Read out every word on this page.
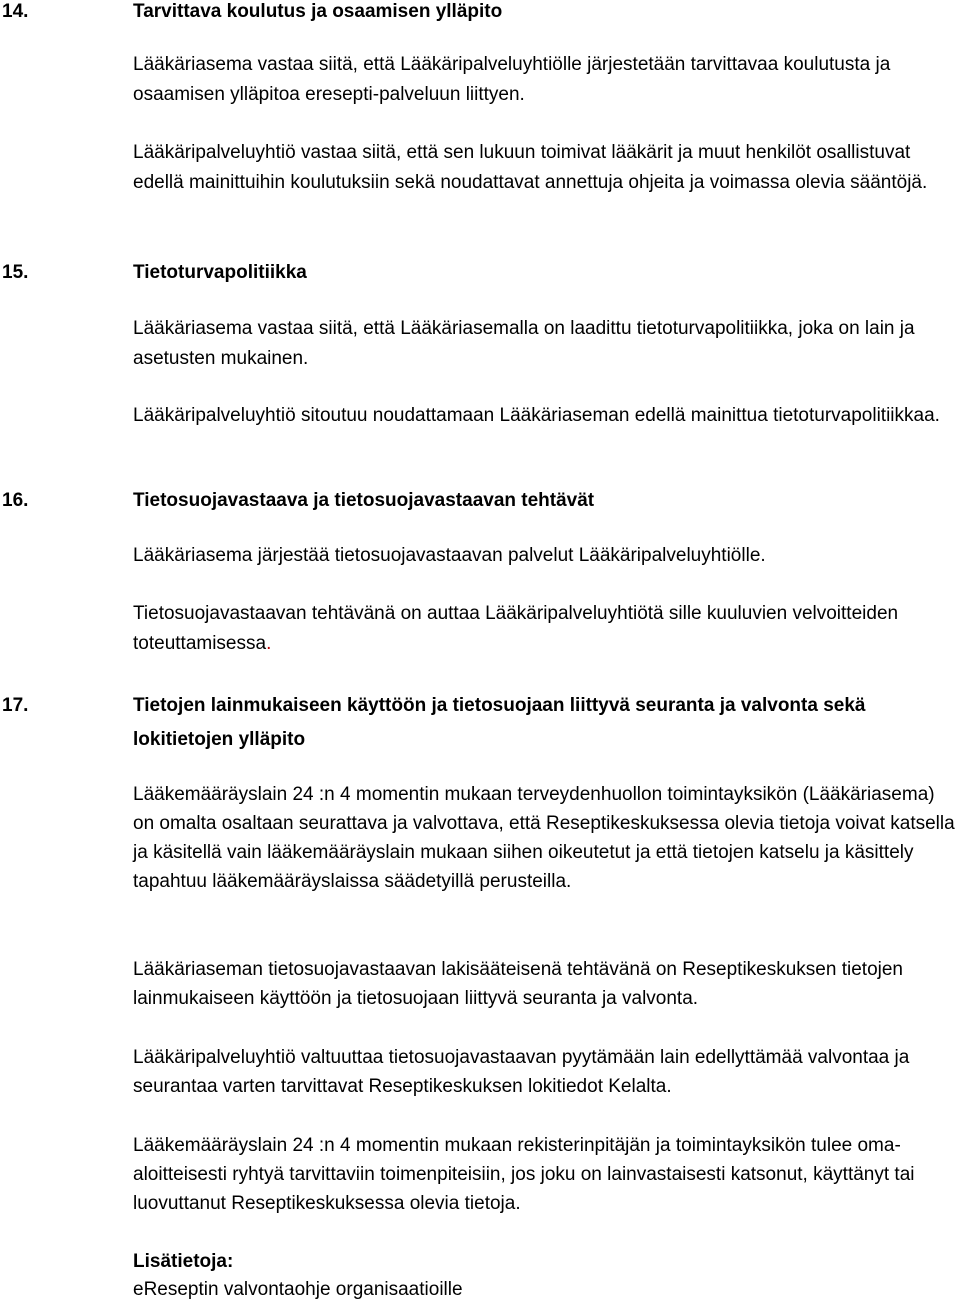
14.	Tarvittava koulutus ja osaamisen ylläpito
Lääkäriasema vastaa siitä, että Lääkäripalveluyhtiölle järjestetään tarvittavaa koulutusta ja osaamisen ylläpitoa eresepti-palveluun liittyen.
Lääkäripalveluyhtiö vastaa siitä, että sen lukuun toimivat lääkärit ja muut henkilöt osallistuvat edellä mainittuihin koulutuksiin sekä noudattavat annettuja ohjeita ja voimassa olevia sääntöjä.
15.	Tietoturvapolitiikka
Lääkäriasema vastaa siitä, että Lääkäriasemalla on laadittu tietoturvapolitiikka, joka on lain ja asetusten mukainen.
Lääkäripalveluyhtiö sitoutuu noudattamaan Lääkäriaseman edellä mainittua tietoturvapolitiikkaa.
16.	Tietosuojavastaava ja tietosuojavastaavan tehtävät
Lääkäriasema järjestää tietosuojavastaavan palvelut Lääkäripalveluyhtiölle.
Tietosuojavastaavan tehtävänä on auttaa Lääkäripalveluyhtiötä sille kuuluvien velvoitteiden toteuttamisessa.
17.	Tietojen lainmukaiseen käyttöön ja tietosuojaan liittyvä seuranta ja valvonta sekä lokitietojen ylläpito
Lääkemääräyslain 24 :n 4 momentin mukaan terveydenhuollon toimintayksikön (Lääkäriasema) on omalta osaltaan seurattava ja valvottava, että Reseptikeskuksessa olevia tietoja voivat katsella ja käsitellä vain lääkemääräyslain mukaan siihen oikeutetut ja että tietojen katselu ja käsittely tapahtuu lääkemääräyslaissa säädetyillä perusteilla.
Lääkäriaseman tietosuojavastaavan lakisääteisenä tehtävänä on Reseptikeskuksen tietojen lainmukaiseen käyttöön ja tietosuojaan liittyvä seuranta ja valvonta.
Lääkäripalveluyhtiö valtuuttaa tietosuojavastaavan pyytämään lain edellyttämää valvontaa ja seurantaa varten tarvittavat Reseptikeskuksen lokitiedot Kelalta.
Lääkemääräyslain 24 :n 4 momentin mukaan rekisterinpitäjän ja toimintayksikön tulee oma-aloitteisesti ryhtyä tarvittaviin toimenpiteisiin, jos joku on lainvastaisesti katsonut, käyttänyt tai luovuttanut Reseptikeskuksessa olevia tietoja.
Lisätietoja:
eReseptin valvontaohje organisaatioille
